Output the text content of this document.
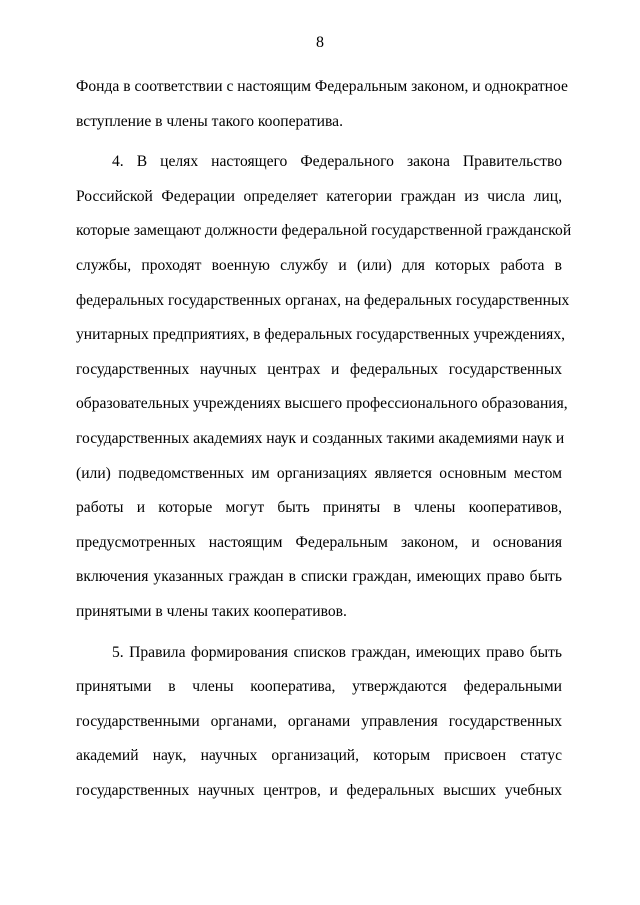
8
Фонда в соответствии с настоящим Федеральным законом, и однократное
вступление в члены такого кооператива.
4. В целях настоящего Федерального закона Правительство
Российской Федерации определяет категории граждан из числа лиц,
которые замещают должности федеральной государственной гражданской
службы, проходят военную службу и (или) для которых работа в
федеральных государственных органах, на федеральных государственных
унитарных предприятиях, в федеральных государственных учреждениях,
государственных научных центрах и федеральных государственных
образовательных учреждениях высшего профессионального образования,
государственных академиях наук и созданных такими академиями наук и
(или) подведомственных им организациях является основным местом
работы и которые могут быть приняты в члены кооперативов,
предусмотренных настоящим Федеральным законом, и основания
включения указанных граждан в списки граждан, имеющих право быть
принятыми в члены таких кооперативов.
5. Правила формирования списков граждан, имеющих право быть
принятыми в члены кооператива, утверждаются федеральными
государственными органами, органами управления государственных
академий наук, научных организаций, которым присвоен статус
государственных научных центров, и федеральных высших учебных
